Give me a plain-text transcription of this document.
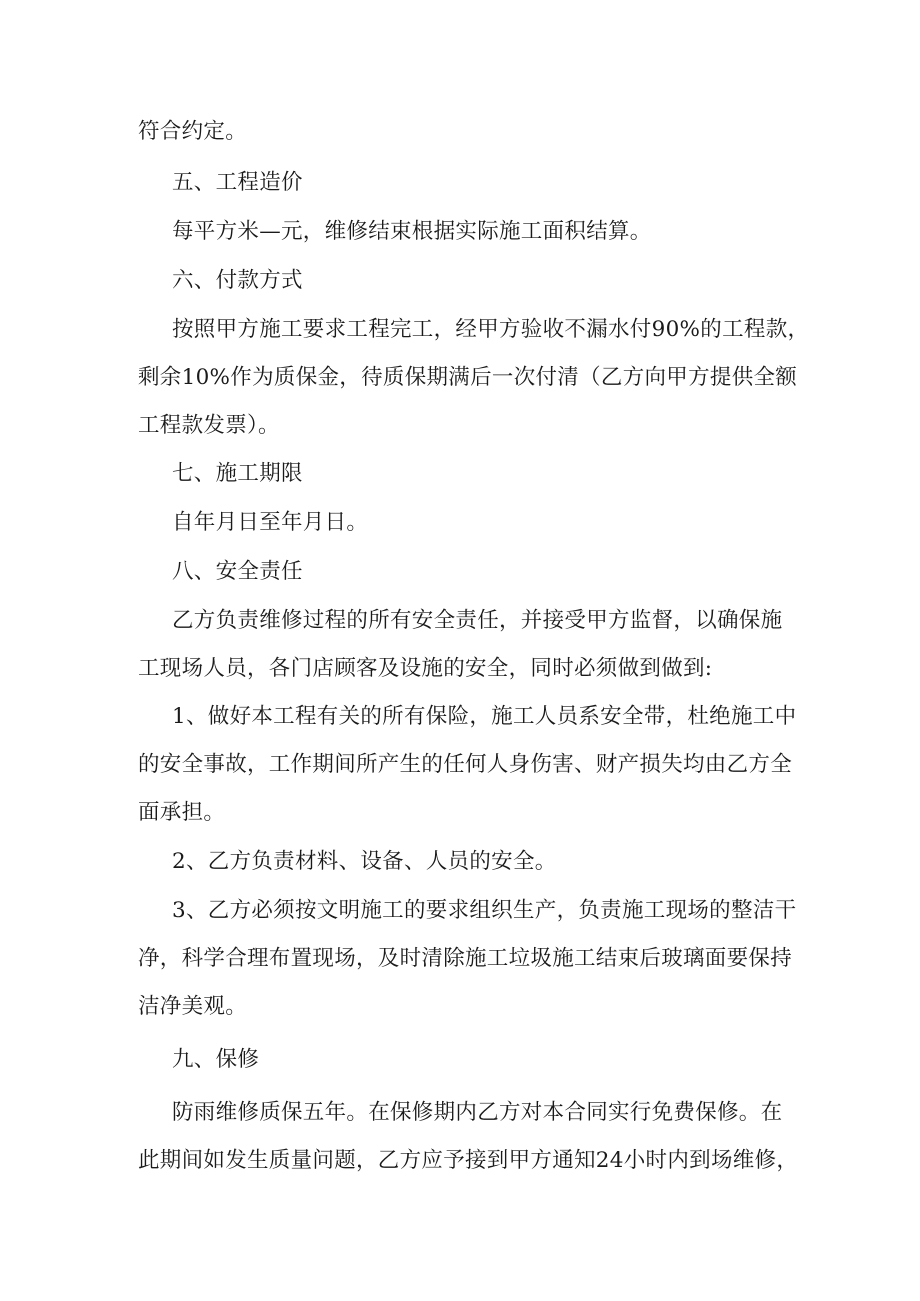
符合约定。
五、工程造价
每平方米—元，维修结束根据实际施工面积结算。
六、付款方式
按照甲方施工要求工程完工，经甲方验收不漏水付90%的工程款，
剩余10%作为质保金，待质保期满后一次付清（乙方向甲方提供全额
工程款发票）。
七、施工期限
自年月日至年月日。
八、安全责任
乙方负责维修过程的所有安全责任，并接受甲方监督，以确保施
工现场人员，各门店顾客及设施的安全，同时必须做到做到:
1、做好本工程有关的所有保险，施工人员系安全带，杜绝施工中
的安全事故，工作期间所产生的任何人身伤害、财产损失均由乙方全
面承担。
2、乙方负责材料、设备、人员的安全。
3、乙方必须按文明施工的要求组织生产，负责施工现场的整洁干
净，科学合理布置现场，及时清除施工垃圾施工结束后玻璃面要保持
洁净美观。
九、保修
防雨维修质保五年。在保修期内乙方对本合同实行免费保修。在
此期间如发生质量问题，乙方应予接到甲方通知24小时内到场维修，
